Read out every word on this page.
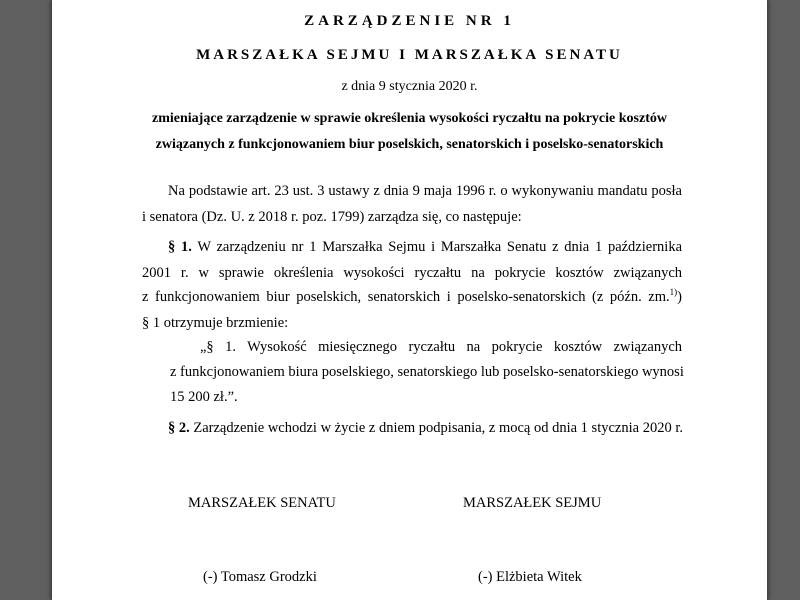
ZARZĄDZENIE NR 1
MARSZAŁKA SEJMU I MARSZAŁKA SENATU
z dnia 9 stycznia 2020 r.
zmieniające zarządzenie w sprawie określenia wysokości ryczałtu na pokrycie kosztów
związanych z funkcjonowaniem biur poselskich, senatorskich i poselsko-senatorskich
Na podstawie art. 23 ust. 3 ustawy z dnia 9 maja 1996 r. o wykonywaniu mandatu posła
i senatora (Dz. U. z 2018 r. poz. 1799) zarządza się, co następuje:
§ 1. W zarządzeniu nr 1 Marszałka Sejmu i Marszałka Senatu z dnia 1 października
2001 r. w sprawie określenia wysokości ryczałtu na pokrycie kosztów związanych
z funkcjonowaniem biur poselskich, senatorskich i poselsko-senatorskich (z późn. zm.$^{1)}$)
§ 1 otrzymuje brzmienie:
„§ 1. Wysokość miesięcznego ryczałtu na pokrycie kosztów związanych
z funkcjonowaniem biura poselskiego, senatorskiego lub poselsko-senatorskiego wynosi
15 200 zł.”.
§ 2. Zarządzenie wchodzi w życie z dniem podpisania, z mocą od dnia 1 stycznia 2020 r.
MARSZAŁEK SENATU	MARSZAŁEK SEJMU
(-) Tomasz Grodzki	(-) Elżbieta Witek
